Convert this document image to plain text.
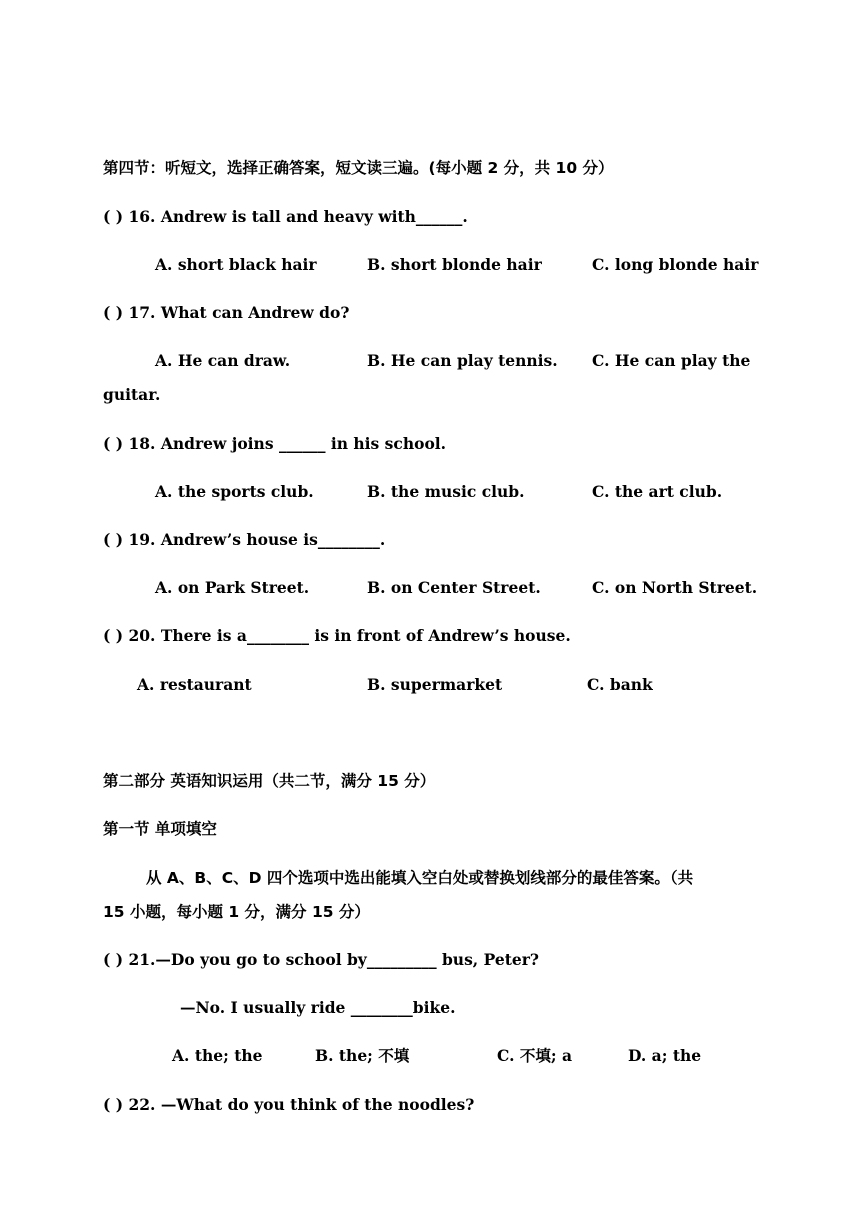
第四节：听短文，选择正确答案，短文读三遍。(每小题 2 分，共 10 分）
( ) 16. Andrew is tall and heavy with______.
A. short black hair	B. short blonde hair	C. long blonde hair
( ) 17. What can Andrew do?
A. He can draw.	B. He can play tennis. C. He can play the
guitar.
( ) 18. Andrew joins ______ in his school.
A. the sports club.	B. the music club.	C. the art club.
( ) 19. Andrew’s house is________.
A. on Park Street.	B. on Center Street.	C. on North Street.
( ) 20. There is a________ is in front of Andrew’s house.
A. restaurant	B. supermarket	C. bank
第二部分 英语知识运用（共二节，满分 15 分）
第一节 单项填空
从 A、B、C、D 四个选项中选出能填入空白处或替换划线部分的最佳答案。（共
15 小题，每小题 1 分，满分 15 分）
( ) 21.—Do you go to school by_________ bus, Peter?
—No. I usually ride ________bike.
A. the; the	B. the; 不填	C. 不填; a	D. a; the
( ) 22. —What do you think of the noodles?
